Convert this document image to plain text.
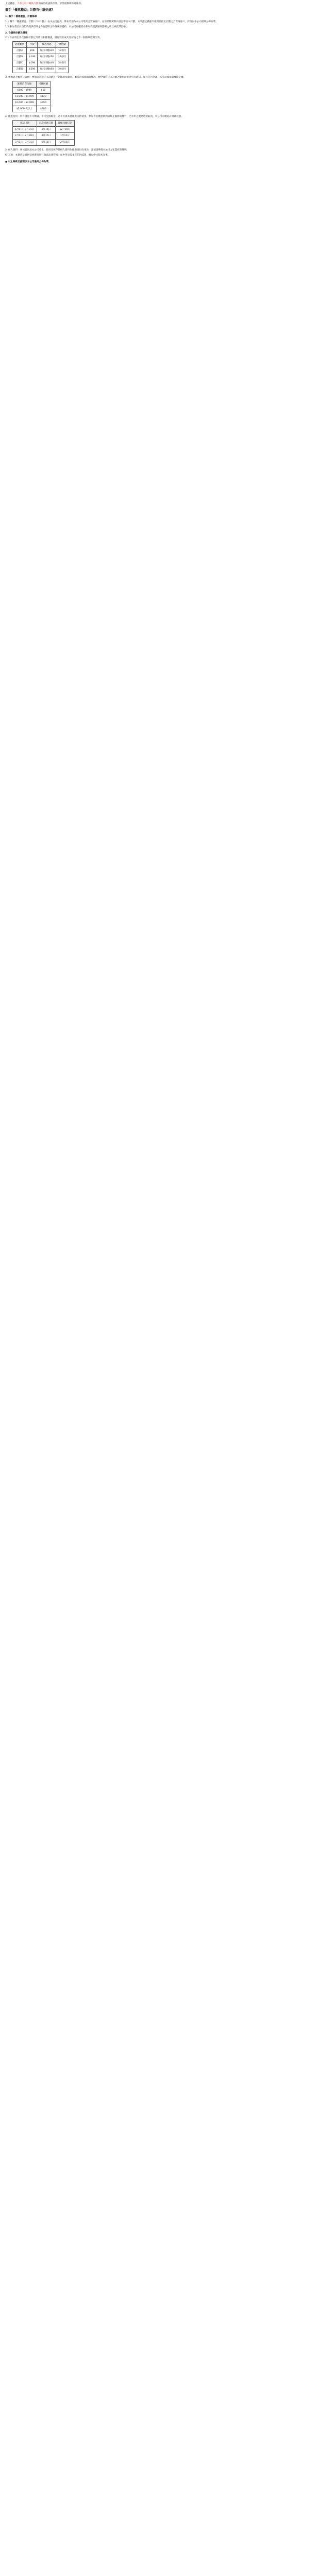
上述優惠，不會因用戶轉換計劃而取消或重新計算，詳情請參閱下述條款。

攜手「優惠權益」計劃有什麼好處？
1. 攜手「優惠權益」計劃條款

1.1 攜手「優惠權益」計劃（「本計劃」）由本公司提供，參加者須為本公司現有合資格客戶，並須於推廣期內登記參加本計劃。本計劃之優惠只適用於指定計劃之合資格客戶，詳情以本公司最終公佈為準。

1.2 參加者須於登記時提供有效之身份證明文件及聯絡資料，本公司有權要求參加者提供額外證明文件以核實其資格。

2. 合資格計劃及優惠

2.1 下表列出各合資格計劃之月費及相應優惠，優惠將於成功登記後之下一個賬單週期生效。

計劃類別	月費	優惠內容	優惠期
計劃A	$98	每月回贈$20	12個月
計劃B	$148	每月回贈$30	12個月
計劃C	$198	每月回贈$40	24個月
計劃D	$298	每月回贈$60	24個月

3. 參加者之權利及義務：參加者須遵守本計劃之一切條款及細則，本公司保留隨時修改、暫停或終止本計劃之權利而毋須另行通知。如有任何爭議，本公司保留最終決定權。

累積消費金額	可獲回贈
$500 - $999	$50
$1,000 - $1,999	$120
$2,000 - $4,999	$300
$5,000 或以上	$800

4. 優惠使用：所有優惠不可轉讓、不可兌換現金、亦不可與其他優惠同時使用。參加者於優惠期內如終止服務或轉台，已享用之優惠將被取消，本公司有權追討相關款項。

登記日期	首次回贈日期	最後回贈日期
1月1日 - 1月31日	3月15日	12月15日
2月1日 - 2月28日	4月15日	1月15日
3月1日 - 3月31日	5月15日	2月15日

5. 個人資料：參加者同意本公司收集、使用及保存其個人資料作推廣及行政用途，詳情請參閱本公司之私隱政策聲明。

6. 其他：本條款及細則受香港特別行政區法律管轄，如中英文版本有任何歧異，概以中文版本為準。

■ 以上條款及細則以本公司最終公佈為準。
